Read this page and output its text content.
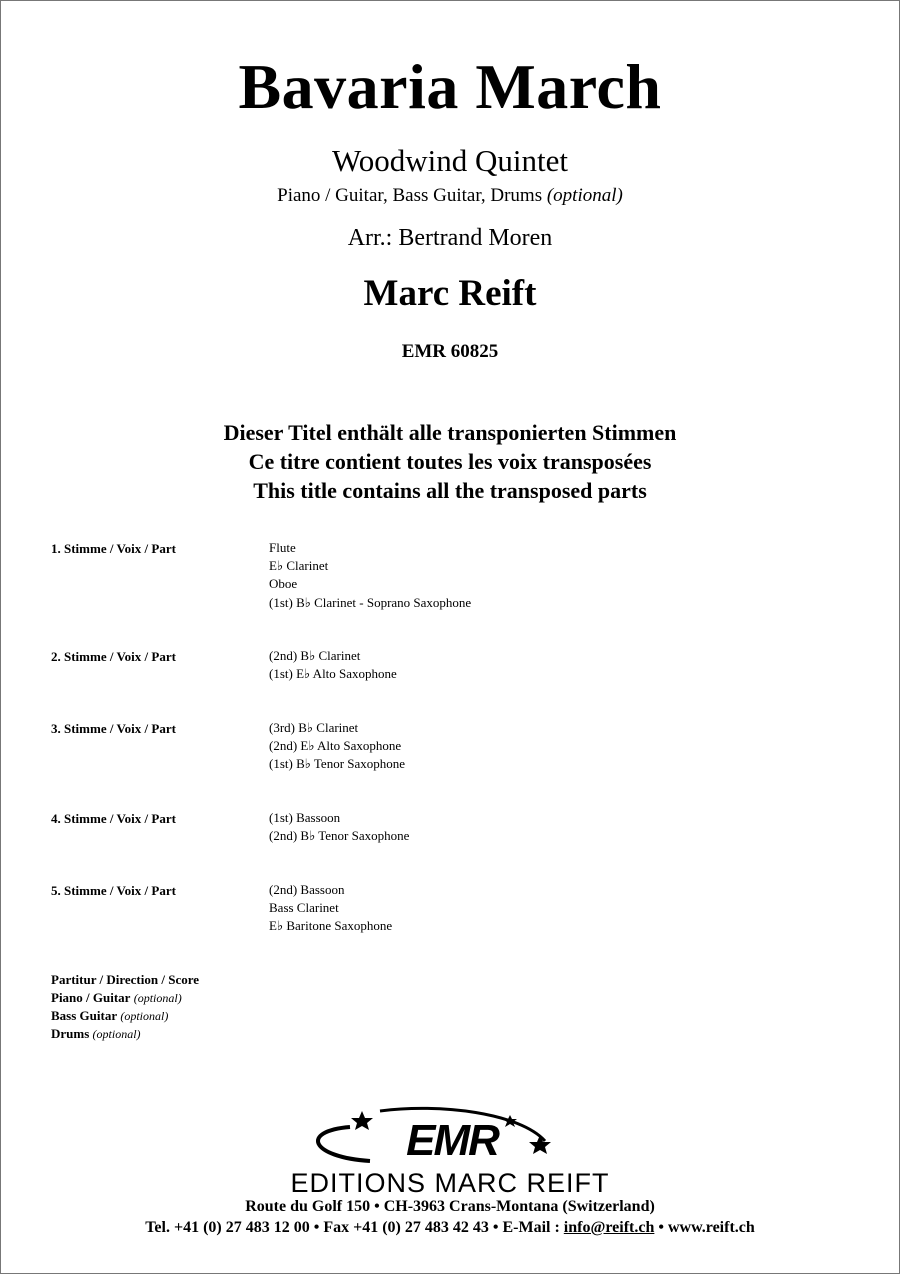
Bavaria March
Woodwind Quintet
Piano / Guitar, Bass Guitar, Drums (optional)
Arr.: Bertrand Moren
Marc Reift
EMR 60825
Dieser Titel enthält alle transponierten Stimmen
Ce titre contient toutes les voix transposées
This title contains all the transposed parts
1. Stimme / Voix / Part	Flute
E♭ Clarinet
Oboe
(1st) B♭ Clarinet - Soprano Saxophone
2. Stimme / Voix / Part	(2nd) B♭ Clarinet
(1st) E♭ Alto Saxophone
3. Stimme / Voix / Part	(3rd) B♭ Clarinet
(2nd) E♭ Alto Saxophone
(1st) B♭ Tenor Saxophone
4. Stimme / Voix / Part	(1st) Bassoon
(2nd) B♭ Tenor Saxophone
5. Stimme / Voix / Part	(2nd) Bassoon
Bass Clarinet
E♭ Baritone Saxophone
Partitur / Direction / Score
Piano / Guitar (optional)
Bass Guitar (optional)
Drums (optional)
EMR
EDITIONS MARC REIFT
Route du Golf 150 • CH-3963 Crans-Montana (Switzerland)
Tel. +41 (0) 27 483 12 00 • Fax +41 (0) 27 483 42 43 • E-Mail : info@reift.ch • www.reift.ch
